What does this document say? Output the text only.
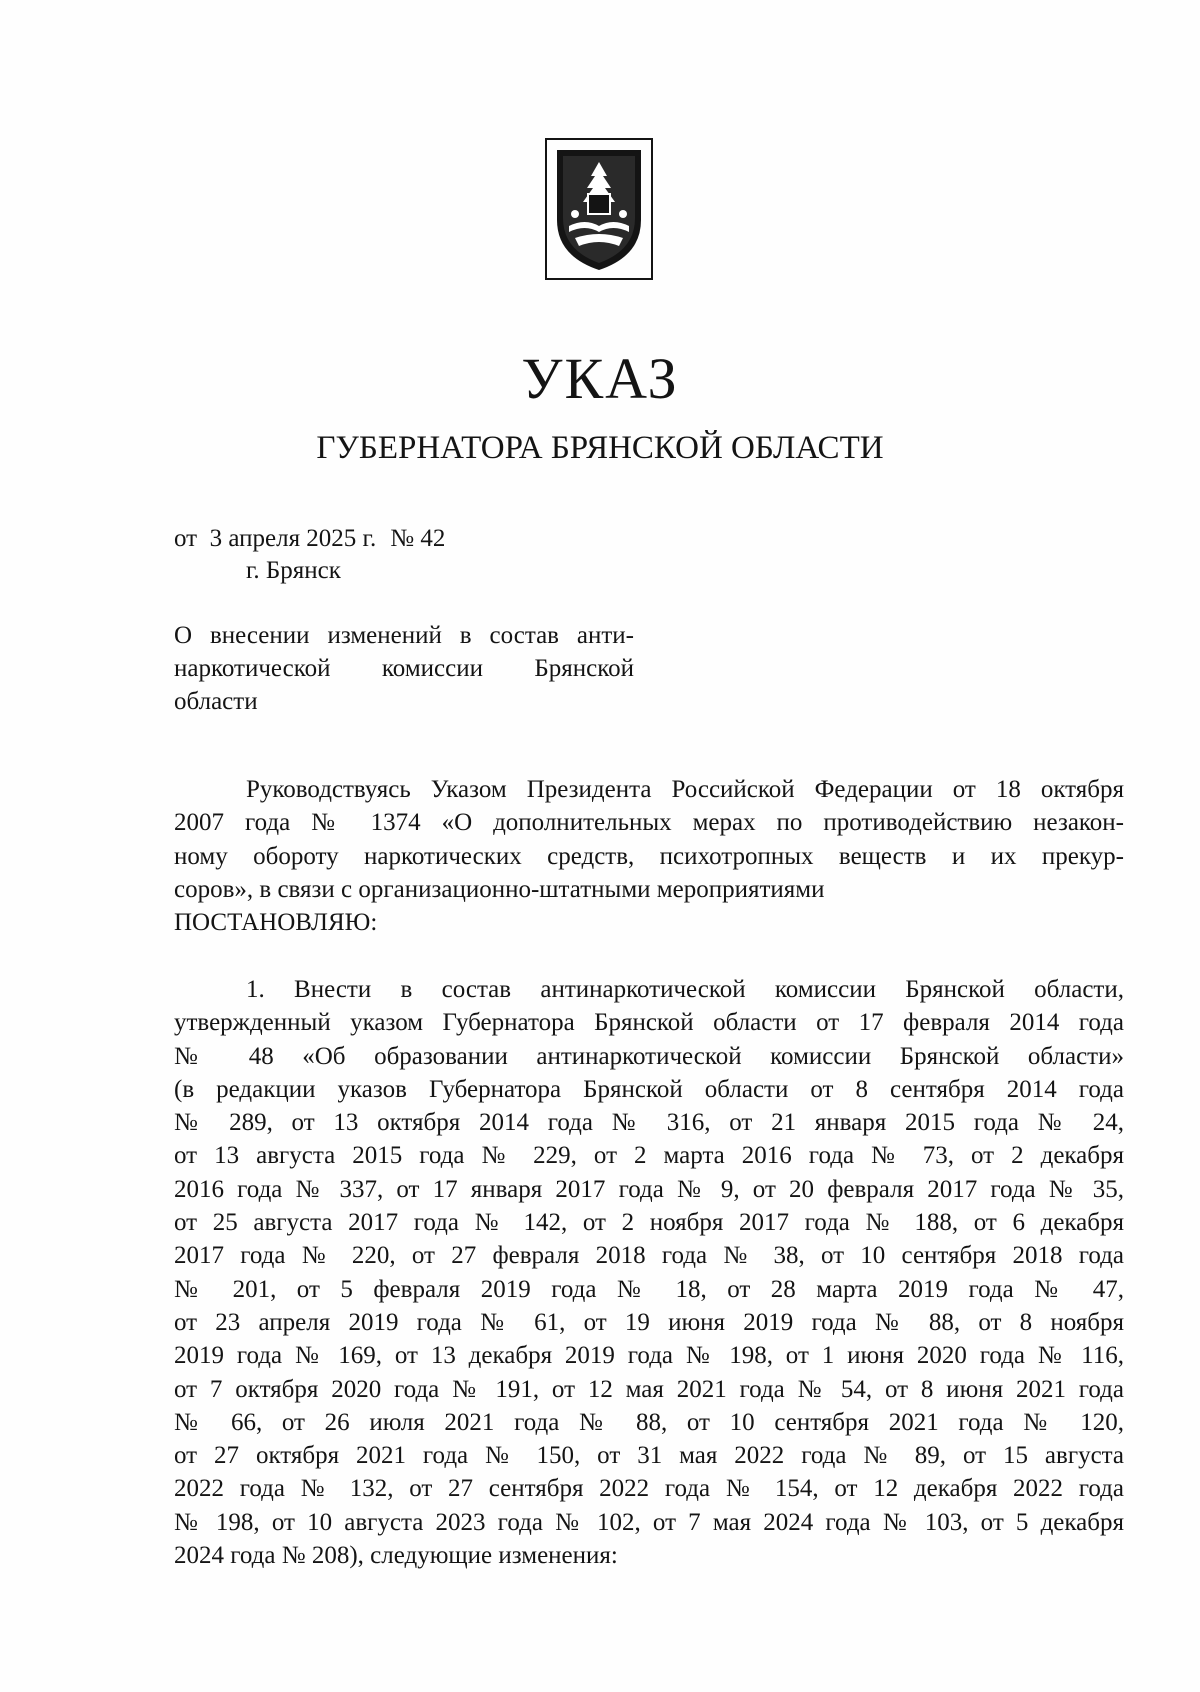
УКАЗ
ГУБЕРНАТОРА БРЯНСКОЙ ОБЛАСТИ
от  3 апреля 2025 г. № 42
г. Брянск
О внесении изменений в состав анти-
наркотической комиссии Брянской
области
Руководствуясь Указом Президента Российской Федерации от 18 октября
2007 года № 1374 «О дополнительных мерах по противодействию незакон-
ному обороту наркотических средств, психотропных веществ и их прекур-
соров», в связи с организационно-штатными мероприятиями
ПОСТАНОВЛЯЮ:
1. Внести в состав антинаркотической комиссии Брянской области,
утвержденный указом Губернатора Брянской области от 17 февраля 2014 года
№ 48 «Об образовании антинаркотической комиссии Брянской области»
(в редакции указов Губернатора Брянской области от 8 сентября 2014 года
№ 289, от 13 октября 2014 года № 316, от 21 января 2015 года № 24,
от 13 августа 2015 года № 229, от 2 марта 2016 года № 73, от 2 декабря
2016 года № 337, от 17 января 2017 года № 9, от 20 февраля 2017 года № 35,
от 25 августа 2017 года № 142, от 2 ноября 2017 года № 188, от 6 декабря
2017 года № 220, от 27 февраля 2018 года № 38, от 10 сентября 2018 года
№ 201, от 5 февраля 2019 года № 18, от 28 марта 2019 года № 47,
от 23 апреля 2019 года № 61, от 19 июня 2019 года № 88, от 8 ноября
2019 года № 169, от 13 декабря 2019 года № 198, от 1 июня 2020 года № 116,
от 7 октября 2020 года № 191, от 12 мая 2021 года № 54, от 8 июня 2021 года
№ 66, от 26 июля 2021 года № 88, от 10 сентября 2021 года № 120,
от 27 октября 2021 года № 150, от 31 мая 2022 года № 89, от 15 августа
2022 года № 132, от 27 сентября 2022 года № 154, от 12 декабря 2022 года
№ 198, от 10 августа 2023 года № 102, от 7 мая 2024 года № 103, от 5 декабря
2024 года № 208), следующие изменения:
